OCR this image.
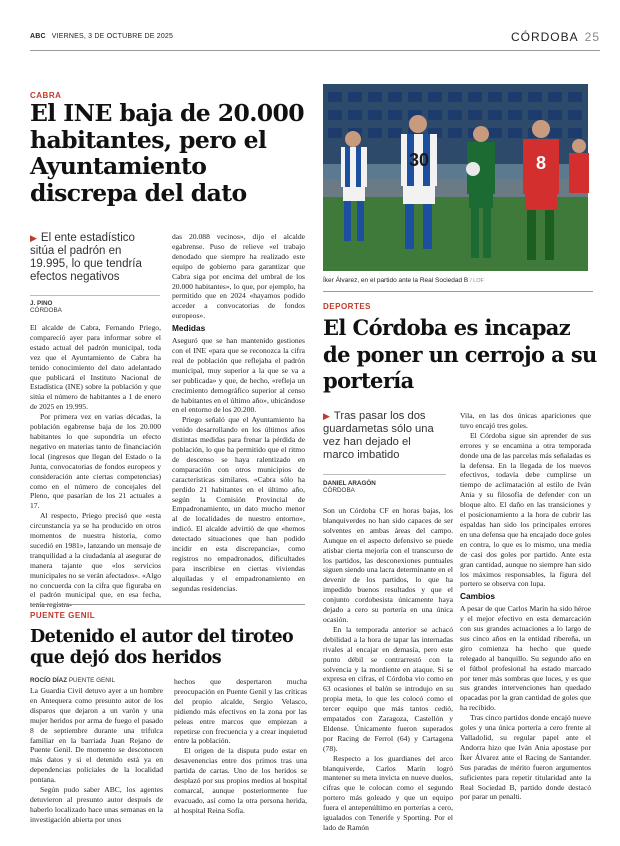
ABC VIERNES, 3 DE OCTUBRE DE 2025	CÓRDOBA 25
CABRA
El INE baja de 20.000 habitantes, pero el Ayuntamiento discrepa del dato
▶ El ente estadístico sitúa el padrón en 19.995, lo que tendría efectos negativos
J. PINO
CÓRDOBA

El alcalde de Cabra, Fernando Priego, compareció ayer para informar sobre el estado actual del padrón municipal, toda vez que el Ayuntamiento de Cabra ha tenido conocimiento del dato adelantado que publicará el Instituto Nacional de Estadística (INE) sobre la población y que sitúa el número de habitantes a 1 de enero de 2025 en 19.995.

Por primera vez en varias décadas, la población egabrense baja de los 20.000 habitantes lo que supondría un efecto negativo en materias tanto de financiación local (ingresos que llegan del Estado o la Junta, convocatorias de fondos europeos y consideración ante ciertas competencias) como en el número de concejales del Pleno, que pasarían de los 21 actuales a 17.

Al respecto, Priego precisó que «esta circunstancia ya se ha producido en otros momentos de nuestra historia, como sucedió en 1981», lanzando un mensaje de tranquilidad a la ciudadanía al asegurar de manera tajante que «los servicios municipales no se verán afectados». «Algo no concuerda con la cifra que figuraba en el padrón municipal que, en esa fecha,

das 20.088 vecinos», dijo el alcalde egabrense. Puso de relieve «el trabajo denodado que siempre ha realizado este equipo de gobierno para garantizar que Cabra siga por encima del umbral de los 20.000 habitantes», lo que, por ejemplo, ha permitido que en 2024 «hayamos podido acceder a convocatorias de fondos europeos».

Medidas

Aseguró que se han mantenido gestiones con el INE «para que se reconozca la cifra real de población que reflejaba el padrón municipal, muy superior a la que se va a ser publicada» y que, de hecho, «refleja un crecimiento demográfico superior al censo de habitantes en el último año», ubicándose en el entorno de los 20.200.

Priego señaló que el Ayuntamiento ha venido desarrollando en los últimos años distintas medidas para frenar la pérdida de población, lo que ha permitido que el ritmo de descenso se haya ralentizado en comparación con otros municipios de características similares. «Cabra sólo ha perdido 21 habitantes en el último año, según la Comisión Provincial de Empadronamiento, un dato mucho menor al de localidades de nuestro entorno», indicó. El alcalde advirtió de que «hemos detectado situaciones que han podido incidir en esta discrepancia», como registros no empadronados, dificultades para inscribirse en ciertas viviendas alquiladas y el empadronamiento en segundas residencias.

PUENTE GENIL
Detenido el autor del tiroteo que dejó dos heridos
ROCÍO DÍAZ PUENTE GENIL

La Guardia Civil detuvo ayer a un hombre en Antequera como presunto autor de los disparos que dejaron a un varón y una mujer heridos por arma de fuego el pasado 8 de septiembre durante una trifulca familiar en la barriada Juan Rejano de Puente Genil. De momento se desconocen más datos y si el detenido está ya en dependencias policiales de la localidad pontana.

Según pudo saber ABC, los agentes detuvieron al presunto autor después de haberlo localizado hace unas semanas en la investigación abierta por unos

hechos que despertaron mucha preocupación en Puente Genil y las críticas del propio alcalde, Sergio Velasco, pidiendo más efectivos en la zona por las peleas entre marcos que empiezan a repetirse con frecuencia y a crear inquietud entre la población.

El origen de la disputa pudo estar en desavenencias entre dos primos tras una partida de cartas. Uno de los heridos se desplazó por sus propios medios al hospital comarcal, aunque posteriormente fue evacuado, así como la otra persona herida, al hospital Reina Sofía.

30	8
Íker Álvarez, en el partido ante la Real Sociedad B / LOF
DEPORTES
El Córdoba es incapaz de poner un cerrojo a su portería
▶ Tras pasar los dos guardametas sólo una vez han dejado el marco imbatido
DANIEL ARAGÓN
CÓRDOBA

Son un Córdoba CF en horas bajas, los blanquiverdes no han sido capaces de ser solventes en ambas áreas del campo. Aunque en el aspecto defensivo se puede atisbar cierta mejoría con el transcurso de los partidos, las desconexiones puntuales siguen siendo una lacra determinante en el devenir de los partidos, lo que ha impedido buenos resultados y que el conjunto cordobesista únicamente haya dejado a cero su portería en una única ocasión.

En la temporada anterior se achacó debilidad a la hora de tapar las internadas rivales al encajar en demasía, pero este punto débil se contrarrestó con la solvencia y la mordiente en ataque. Si se expresa en cifras, el Córdoba vio como en 63 ocasiones el balón se introdujo en su propia meta, lo que les colocó como el tercer equipo que más tantos cedió, empatados con Zaragoza, Castellón y Eldense. Únicamente fueron superados por Racing de Ferrol (64) y Cartagena (78).

Respecto a los guardianes del arco blanquiverde, Carlos Marín logró mantener su meta invicta en nueve duelos, cifras que le colocan como el segundo portero más goleado y que un equipo fuera el antepenúltimo en porterías a cero, igualados con Tenerife y Sporting. Por el lado de Ramón

Vila, en las dos únicas apariciones que tuvo encajó tres goles.

El Córdoba sigue sin aprender de sus errores y se encamina a otra temporada donde una de las parcelas más señaladas es la defensa. En la llegada de los nuevos efectivos, todavía debe cumplirse un tiempo de aclimatación al estilo de Iván Ania y su filosofía de defender con un bloque alto. El daño en las transiciones y el posicionamiento a la hora de cubrir las espaldas han sido los principales errores en una defensa que ha encajado doce goles en contra, lo que es lo mismo, una media de casi dos goles por partido. Ante esta gran cantidad, aunque no siempre han sido los máximos responsables, la figura del portero se observa con lupa.

Cambios

A pesar de que Carlos Marín ha sido héroe y el mejor efectivo en esta demarcación con sus grandes actuaciones a lo largo de sus cinco años en la entidad ribereña, un giro comienza ha hecho que quede relegado al banquillo. Su segundo año en el fútbol profesional ha estado marcado por tener más sombras que luces, y es que sus grandes intervenciones han quedado opacadas por la gran cantidad de goles que ha recibido.

Tras cinco partidos donde encajó nueve goles y una única portería a cero frente al Valladolid, su regular papel ante el Andorra hizo que Iván Ania apostase por Íker Álvarez ante el Racing de Santander. Sus paradas de mérito fueron argumentos suficientes para repetir titularidad ante la Real Sociedad B, partido donde destacó por parar un penalti.
